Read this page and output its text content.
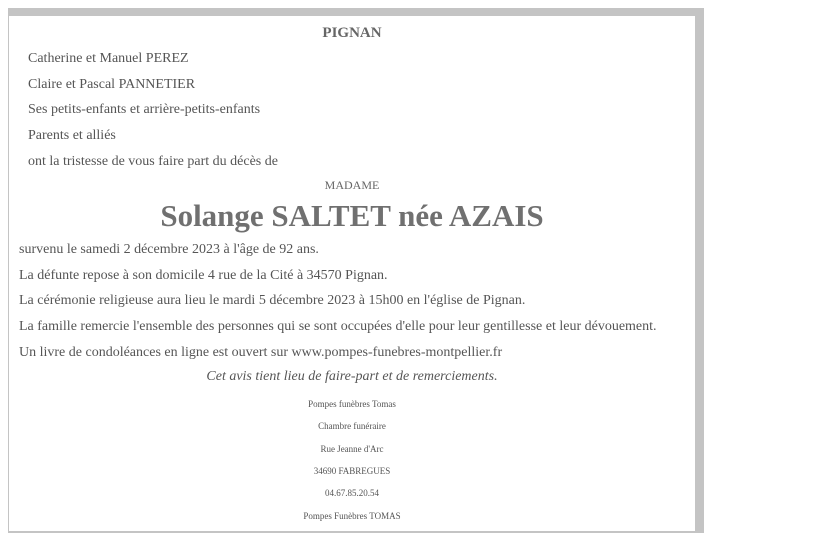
PIGNAN
Catherine et Manuel PEREZ
Claire et Pascal PANNETIER
Ses petits-enfants et arrière-petits-enfants
Parents et alliés
ont la tristesse de vous faire part du décès de
MADAME
Solange SALTET née AZAIS
survenu le samedi 2 décembre 2023 à l'âge de 92 ans.
La défunte repose à son domicile 4 rue de la Cité à 34570 Pignan.
La cérémonie religieuse aura lieu le mardi 5 décembre 2023 à 15h00 en l'église de Pignan.
La famille remercie l'ensemble des personnes qui se sont occupées d'elle pour leur gentillesse et leur dévouement.
Un livre de condoléances en ligne est ouvert sur www.pompes-funebres-montpellier.fr
Cet avis tient lieu de faire-part et de remerciements.
Pompes funèbres Tomas
Chambre funéraire
Rue Jeanne d'Arc
34690 FABREGUES
04.67.85.20.54
Pompes Funèbres TOMAS
